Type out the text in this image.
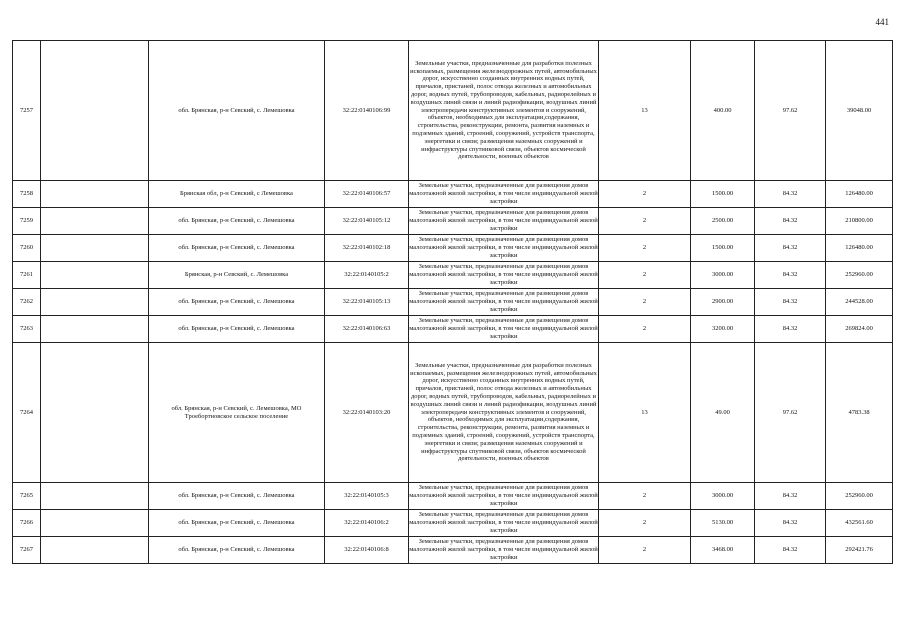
441
7257		обл. Брянская, р-н Севский, с. Лемешовка	32:22:0140106:99	Земельные участки, предназначенные для разработки полезных ископаемых, размещения железнодорожных путей, автомобильных дорог, искусственно созданных внутренних водных путей, причалов, пристаней, полос отвода железных и автомобильных дорог, водных путей, трубопроводов, кабельных, радиорелейных и воздушных линий связи и линий радиофикации, воздушных линий электропередачи конструктивных элементов и сооружений, объектов, необходимых для эксплуатации,содержания, строительства, реконструкции, ремонта, развития наземных и подземных зданий, строений, сооружений, устройств транспорта, энергетики и связи; размещения наземных сооружений и инфраструктуры спутниковой связи, объектов космической деятельности, военных объектов	13	400.00	97.62	39048.00
7258		Брянская обл, р-н Севский, с Лемешовка	32:22:0140106:57	Земельные участки, предназначенные для размещения домов малоэтажной жилой застройки, в том числе индивидуальной жилой застройки	2	1500.00	84.32	126480.00
7259		обл. Брянская, р-н Севский, с. Лемешовка	32:22:0140105:12	Земельные участки, предназначенные для размещения домов малоэтажной жилой застройки, в том числе индивидуальной жилой застройки	2	2500.00	84.32	210800.00
7260		обл. Брянская, р-н Севский, с. Лемешовка	32:22:0140102:18	Земельные участки, предназначенные для размещения домов малоэтажной жилой застройки, в том числе индивидуальной жилой застройки	2	1500.00	84.32	126480.00
7261		Брянская, р-н Севский, с. Лемешовка	32:22:0140105:2	Земельные участки, предназначенные для размещения домов малоэтажной жилой застройки, в том числе индивидуальной жилой застройки	2	3000.00	84.32	252960.00
7262		обл. Брянская, р-н Севский, с. Лемешовка	32:22:0140105:13	Земельные участки, предназначенные для размещения домов малоэтажной жилой застройки, в том числе индивидуальной жилой застройки	2	2900.00	84.32	244528.00
7263		обл. Брянская, р-н Севский, с. Лемешовка	32:22:0140106:63	Земельные участки, предназначенные для размещения домов малоэтажной жилой застройки, в том числе индивидуальной жилой застройки	2	3200.00	84.32	269824.00
7264		обл. Брянская, р-н Севский, с. Лемешовка, МО Троебортновское сельское поселение	32:22:0140103:20	Земельные участки, предназначенные для разработки полезных ископаемых, размещения железнодорожных путей, автомобильных дорог, искусственно созданных внутренних водных путей, причалов, пристаней, полос отвода железных и автомобильных дорог, водных путей, трубопроводов, кабельных, радиорелейных и воздушных линий связи и линий радиофикации, воздушных линий электропередачи конструктивных элементов и сооружений, объектов, необходимых для эксплуатации,содержания, строительства, реконструкции, ремонта, развития наземных и подземных зданий, строений, сооружений, устройств транспорта, энергетики и связи; размещения наземных сооружений и инфраструктуры спутниковой связи, объектов космической деятельности, военных объектов	13	49.00	97.62	4783.38
7265		обл. Брянская, р-н Севский, с. Лемешовка	32:22:0140105:3	Земельные участки, предназначенные для размещения домов малоэтажной жилой застройки, в том числе индивидуальной жилой застройки	2	3000.00	84.32	252960.00
7266		обл. Брянская, р-н Севский, с. Лемешовка	32:22:0140106:2	Земельные участки, предназначенные для размещения домов малоэтажной жилой застройки, в том числе индивидуальной жилой застройки	2	5130.00	84.32	432561.60
7267		обл. Брянская, р-н Севский, с. Лемешовка	32:22:0140106:8	Земельные участки, предназначенные для размещения домов малоэтажной жилой застройки, в том числе индивидуальной жилой застройки	2	3468.00	84.32	292421.76
